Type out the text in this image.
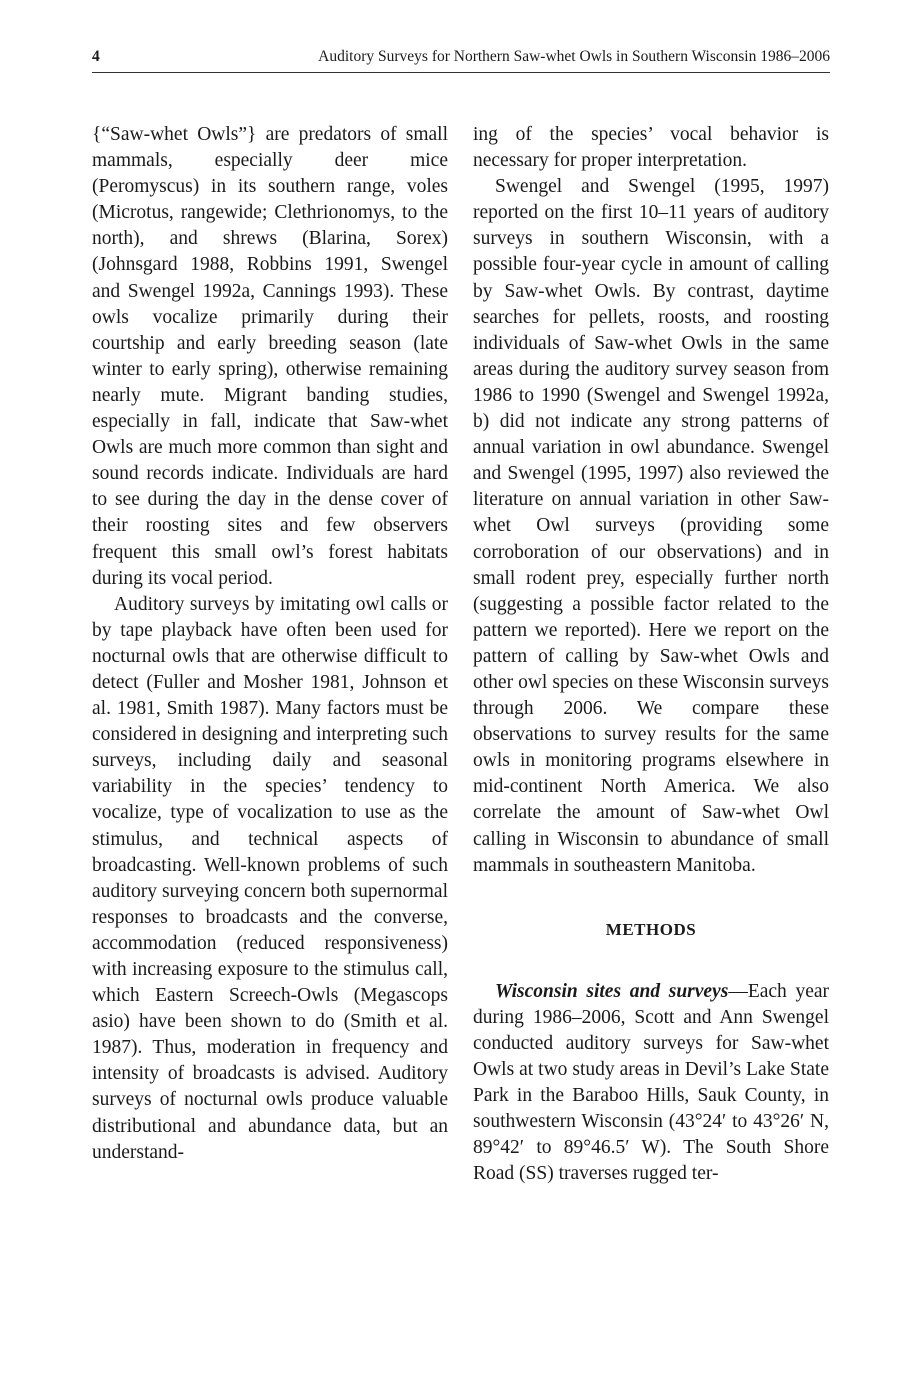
4	Auditory Surveys for Northern Saw-whet Owls in Southern Wisconsin 1986–2006

{“Saw-whet Owls”} are predators of small mammals, especially deer mice (Peromyscus) in its southern range, voles (Microtus, rangewide; Clethrionomys, to the north), and shrews (Blarina, Sorex) (Johnsgard 1988, Robbins 1991, Swengel and Swengel 1992a, Cannings 1993). These owls vocalize primarily during their courtship and early breeding season (late winter to early spring), otherwise remaining nearly mute. Migrant banding studies, especially in fall, indicate that Saw-whet Owls are much more common than sight and sound records indicate. Individuals are hard to see during the day in the dense cover of their roosting sites and few observers frequent this small owl’s forest habitats during its vocal period.

Auditory surveys by imitating owl calls or by tape playback have often been used for nocturnal owls that are otherwise difficult to detect (Fuller and Mosher 1981, Johnson et al. 1981, Smith 1987). Many factors must be considered in designing and interpreting such surveys, including daily and seasonal variability in the species’ tendency to vocalize, type of vocalization to use as the stimulus, and technical aspects of broadcasting. Well-known problems of such auditory surveying concern both supernormal responses to broadcasts and the converse, accommodation (reduced responsiveness) with increasing exposure to the stimulus call, which Eastern Screech-Owls (Megascops asio) have been shown to do (Smith et al. 1987). Thus, moderation in frequency and intensity of broadcasts is advised. Auditory surveys of nocturnal owls produce valuable distributional and abundance data, but an understand-

ing of the species’ vocal behavior is necessary for proper interpretation.

Swengel and Swengel (1995, 1997) reported on the first 10–11 years of auditory surveys in southern Wisconsin, with a possible four-year cycle in amount of calling by Saw-whet Owls. By contrast, daytime searches for pellets, roosts, and roosting individuals of Saw-whet Owls in the same areas during the auditory survey season from 1986 to 1990 (Swengel and Swengel 1992a, b) did not indicate any strong patterns of annual variation in owl abundance. Swengel and Swengel (1995, 1997) also reviewed the literature on annual variation in other Saw-whet Owl surveys (providing some corroboration of our observations) and in small rodent prey, especially further north (suggesting a possible factor related to the pattern we reported). Here we report on the pattern of calling by Saw-whet Owls and other owl species on these Wisconsin surveys through 2006. We compare these observations to survey results for the same owls in monitoring programs elsewhere in mid-continent North America. We also correlate the amount of Saw-whet Owl calling in Wisconsin to abundance of small mammals in southeastern Manitoba.

METHODS

Wisconsin sites and surveys—Each year during 1986–2006, Scott and Ann Swengel conducted auditory surveys for Saw-whet Owls at two study areas in Devil’s Lake State Park in the Baraboo Hills, Sauk County, in southwestern Wisconsin (43°24′ to 43°26′ N, 89°42′ to 89°46.5′ W). The South Shore Road (SS) traverses rugged ter-
